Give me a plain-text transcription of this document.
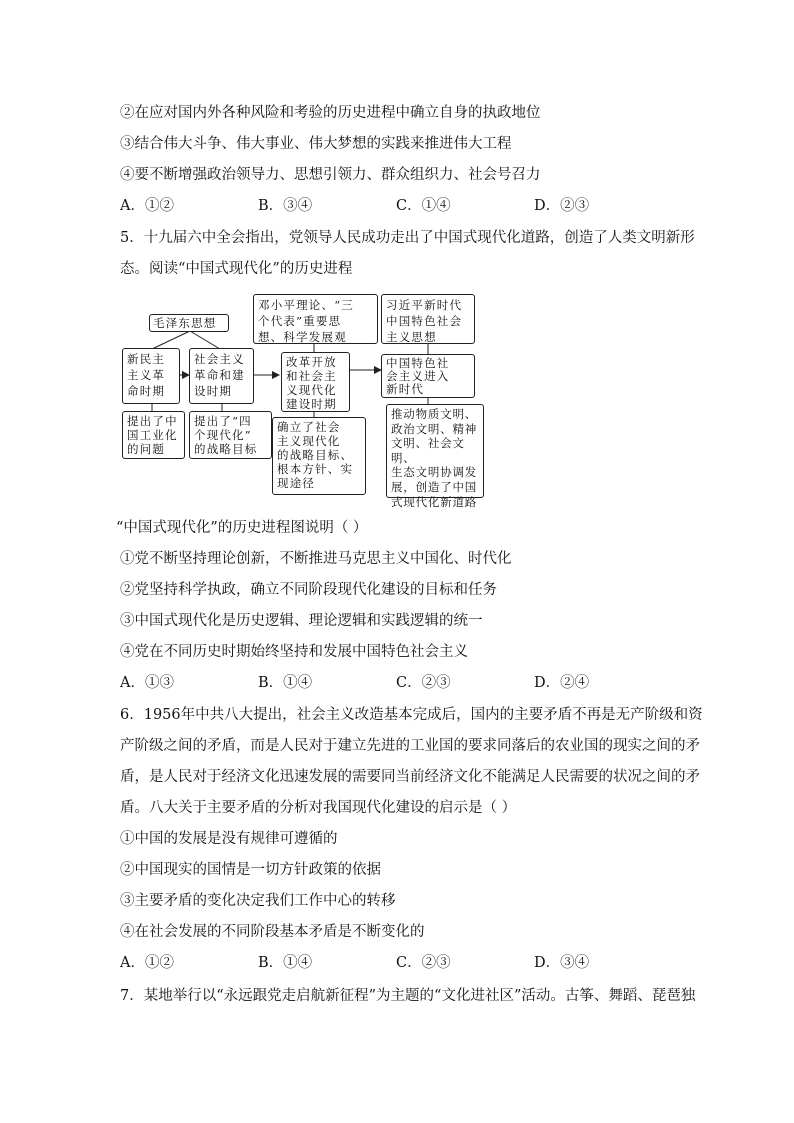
②在应对国内外各种风险和考验的历史进程中确立自身的执政地位
③结合伟大斗争、伟大事业、伟大梦想的实践来推进伟大工程
④要不断增强政治领导力、思想引领力、群众组织力、社会号召力
A．①②	B．③④	C．①④	D．②③
5．十九届六中全会指出，党领导人民成功走出了中国式现代化道路，创造了人类文明新形
态。阅读“中国式现代化”的历史进程
毛泽东思想
邓小平理论、“三
个代表”重要思
想、科学发展观
习近平新时代
中国特色社会
主义思想
新民主
主义革
命时期
社会主义
革命和建
设时期
改革开放
和社会主
义现代化
建设时期
中国特色社
会主义进入
新时代
提出了中
国工业化
的问题
提出了“四
个现代化”
的战略目标
确立了社会
主义现代化
的战略目标、
根本方针、实
现途径
推动物质文明、
政治文明、精神
文明、社会文明、
生态文明协调发
展，创造了中国
式现代化新道路
“中国式现代化”的历史进程图说明（ ）
①党不断坚持理论创新，不断推进马克思主义中国化、时代化
②党坚持科学执政，确立不同阶段现代化建设的目标和任务
③中国式现代化是历史逻辑、理论逻辑和实践逻辑的统一
④党在不同历史时期始终坚持和发展中国特色社会主义
A．①③	B．①④	C．②③	D．②④
6．1956年中共八大提出，社会主义改造基本完成后，国内的主要矛盾不再是无产阶级和资
产阶级之间的矛盾，而是人民对于建立先进的工业国的要求同落后的农业国的现实之间的矛
盾，是人民对于经济文化迅速发展的需要同当前经济文化不能满足人民需要的状况之间的矛
盾。八大关于主要矛盾的分析对我国现代化建设的启示是（ ）
①中国的发展是没有规律可遵循的
②中国现实的国情是一切方针政策的依据
③主要矛盾的变化决定我们工作中心的转移
④在社会发展的不同阶段基本矛盾是不断变化的
A．①②	B．①④	C．②③	D．③④
7．某地举行以“永远跟党走启航新征程”为主题的“文化进社区”活动。古筝、舞蹈、琵琶独
